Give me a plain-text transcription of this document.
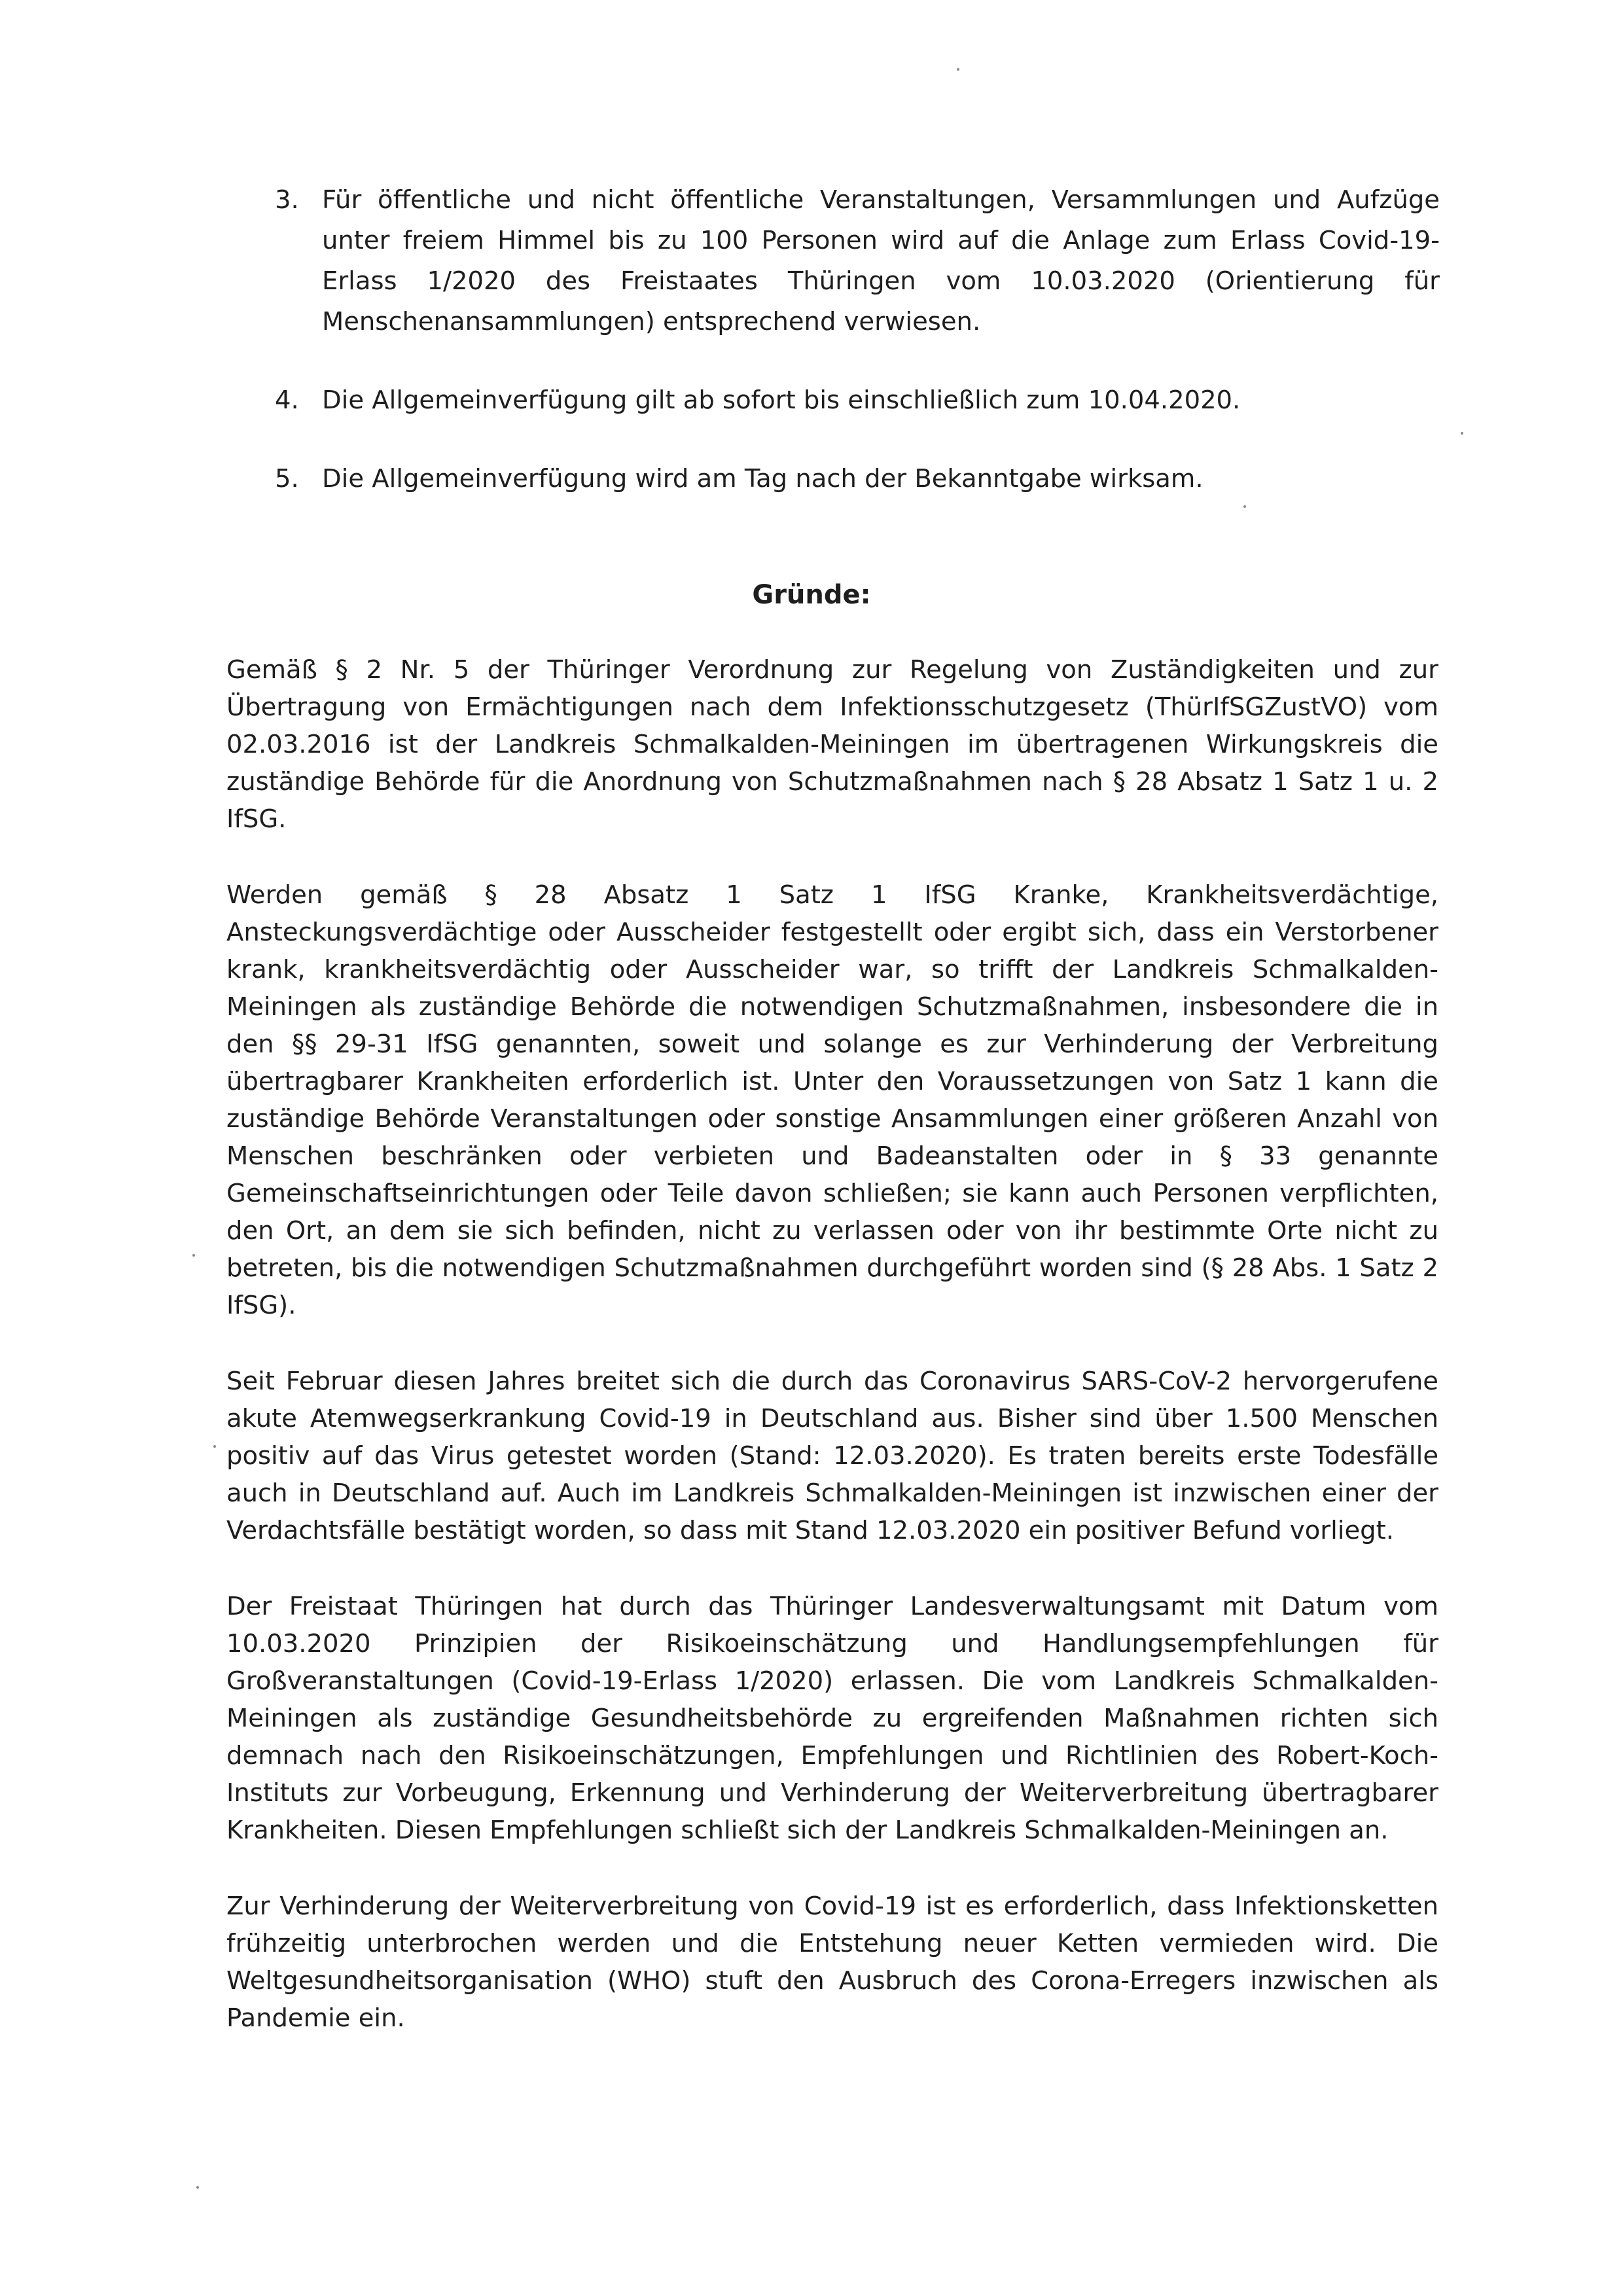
3. Für öffentliche und nicht öffentliche Veranstaltungen, Versammlungen und Aufzüge unter freiem Himmel bis zu 100 Personen wird auf die Anlage zum Erlass Covid-19-Erlass 1/2020 des Freistaates Thüringen vom 10.03.2020 (Orientierung für Menschenansammlungen) entsprechend verwiesen.
4. Die Allgemeinverfügung gilt ab sofort bis einschließlich zum 10.04.2020.
5. Die Allgemeinverfügung wird am Tag nach der Bekanntgabe wirksam.
Gründe:

Gemäß § 2 Nr. 5 der Thüringer Verordnung zur Regelung von Zuständigkeiten und zur Übertragung von Ermächtigungen nach dem Infektionsschutzgesetz (ThürIfSGZustVO) vom 02.03.2016 ist der Landkreis Schmalkalden-Meiningen im übertragenen Wirkungskreis die zuständige Behörde für die Anordnung von Schutzmaßnahmen nach § 28 Absatz 1 Satz 1 u. 2 IfSG.

Werden gemäß § 28 Absatz 1 Satz 1 IfSG Kranke, Krankheitsverdächtige, Ansteckungsverdächtige oder Ausscheider festgestellt oder ergibt sich, dass ein Verstorbener krank, krankheitsverdächtig oder Ausscheider war, so trifft der Landkreis Schmalkalden-Meiningen als zuständige Behörde die notwendigen Schutzmaßnahmen, insbesondere die in den §§ 29-31 IfSG genannten, soweit und solange es zur Verhinderung der Verbreitung übertragbarer Krankheiten erforderlich ist. Unter den Voraussetzungen von Satz 1 kann die zuständige Behörde Veranstaltungen oder sonstige Ansammlungen einer größeren Anzahl von Menschen beschränken oder verbieten und Badeanstalten oder in § 33 genannte Gemeinschaftseinrichtungen oder Teile davon schließen; sie kann auch Personen verpflichten, den Ort, an dem sie sich befinden, nicht zu verlassen oder von ihr bestimmte Orte nicht zu betreten, bis die notwendigen Schutzmaßnahmen durchgeführt worden sind (§ 28 Abs. 1 Satz 2 IfSG).

Seit Februar diesen Jahres breitet sich die durch das Coronavirus SARS-CoV-2 hervorgerufene akute Atemwegserkrankung Covid-19 in Deutschland aus. Bisher sind über 1.500 Menschen positiv auf das Virus getestet worden (Stand: 12.03.2020). Es traten bereits erste Todesfälle auch in Deutschland auf. Auch im Landkreis Schmalkalden-Meiningen ist inzwischen einer der Verdachtsfälle bestätigt worden, so dass mit Stand 12.03.2020 ein positiver Befund vorliegt.

Der Freistaat Thüringen hat durch das Thüringer Landesverwaltungsamt mit Datum vom 10.03.2020 Prinzipien der Risikoeinschätzung und Handlungsempfehlungen für Großveranstaltungen (Covid-19-Erlass 1/2020) erlassen. Die vom Landkreis Schmalkalden-Meiningen als zuständige Gesundheitsbehörde zu ergreifenden Maßnahmen richten sich demnach nach den Risikoeinschätzungen, Empfehlungen und Richtlinien des Robert-Koch-Instituts zur Vorbeugung, Erkennung und Verhinderung der Weiterverbreitung übertragbarer Krankheiten. Diesen Empfehlungen schließt sich der Landkreis Schmalkalden-Meiningen an.

Zur Verhinderung der Weiterverbreitung von Covid-19 ist es erforderlich, dass Infektionsketten frühzeitig unterbrochen werden und die Entstehung neuer Ketten vermieden wird. Die Weltgesundheitsorganisation (WHO) stuft den Ausbruch des Corona-Erregers inzwischen als Pandemie ein.
